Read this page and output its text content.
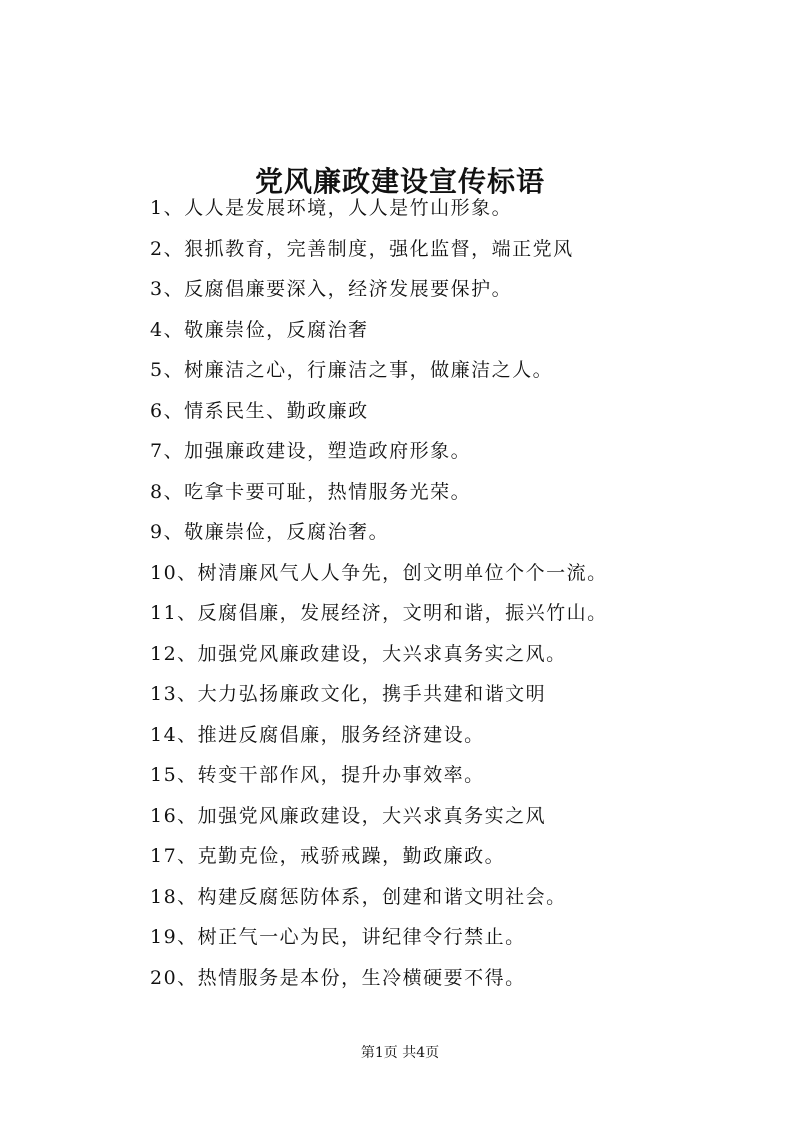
党风廉政建设宣传标语
1、人人是发展环境，人人是竹山形象。
2、狠抓教育，完善制度，强化监督，端正党风
3、反腐倡廉要深入，经济发展要保护。
4、敬廉崇俭，反腐治奢
5、树廉洁之心，行廉洁之事，做廉洁之人。
6、情系民生、勤政廉政
7、加强廉政建设，塑造政府形象。
8、吃拿卡要可耻，热情服务光荣。
9、敬廉崇俭，反腐治奢。
10、树清廉风气人人争先，创文明单位个个一流。
11、反腐倡廉，发展经济，文明和谐，振兴竹山。
12、加强党风廉政建设，大兴求真务实之风。
13、大力弘扬廉政文化，携手共建和谐文明
14、推进反腐倡廉，服务经济建设。
15、转变干部作风，提升办事效率。
16、加强党风廉政建设，大兴求真务实之风
17、克勤克俭，戒骄戒躁，勤政廉政。
18、构建反腐惩防体系，创建和谐文明社会。
19、树正气一心为民，讲纪律令行禁止。
20、热情服务是本份，生冷横硬要不得。
第1页 共4页
